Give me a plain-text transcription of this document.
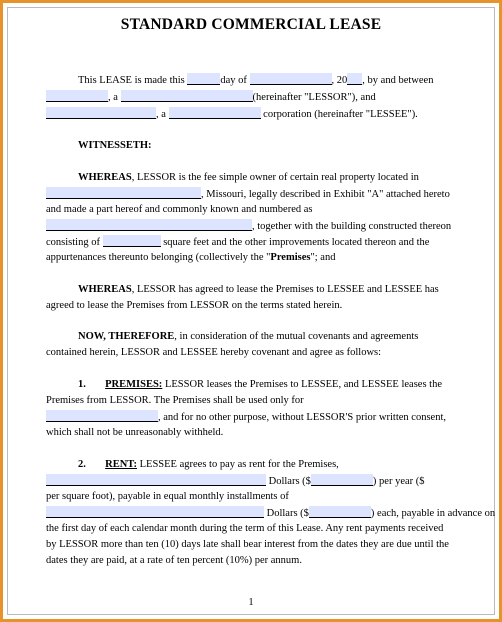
STANDARD COMMERCIAL LEASE
This LEASE is made this	day of	, 20 , by and between
, a	(hereinafter "LESSOR"), and
, a	corporation (hereinafter "LESSEE").
WITNESSETH:
WHEREAS, LESSOR is the fee simple owner of certain real property located in
, Missouri, legally described in Exhibit "A" attached hereto
and made a part hereof and commonly known and numbered as
, together with the building constructed thereon
consisting of	square feet and the other improvements located thereon and the
appurtenances thereunto belonging (collectively the "Premises"; and
WHEREAS, LESSOR has agreed to lease the Premises to LESSEE and LESSEE has
agreed to lease the Premises from LESSOR on the terms stated herein.
NOW, THEREFORE, in consideration of the mutual covenants and agreements
contained herein, LESSOR and LESSEE hereby covenant and agree as follows:
1. PREMISES: LESSOR leases the Premises to LESSEE, and LESSEE leases the
Premises from LESSOR. The Premises shall be used only for
, and for no other purpose, without LESSOR'S prior written consent,
which shall not be unreasonably withheld.
2. RENT: LESSEE agrees to pay as rent for the Premises,
Dollars ($	) per year ($
per square foot), payable in equal monthly installments of
Dollars ($	) each, payable in advance on
the first day of each calendar month during the term of this Lease. Any rent payments received
by LESSOR more than ten (10) days late shall bear interest from the dates they are due until the
dates they are paid, at a rate of ten percent (10%) per annum.
1
